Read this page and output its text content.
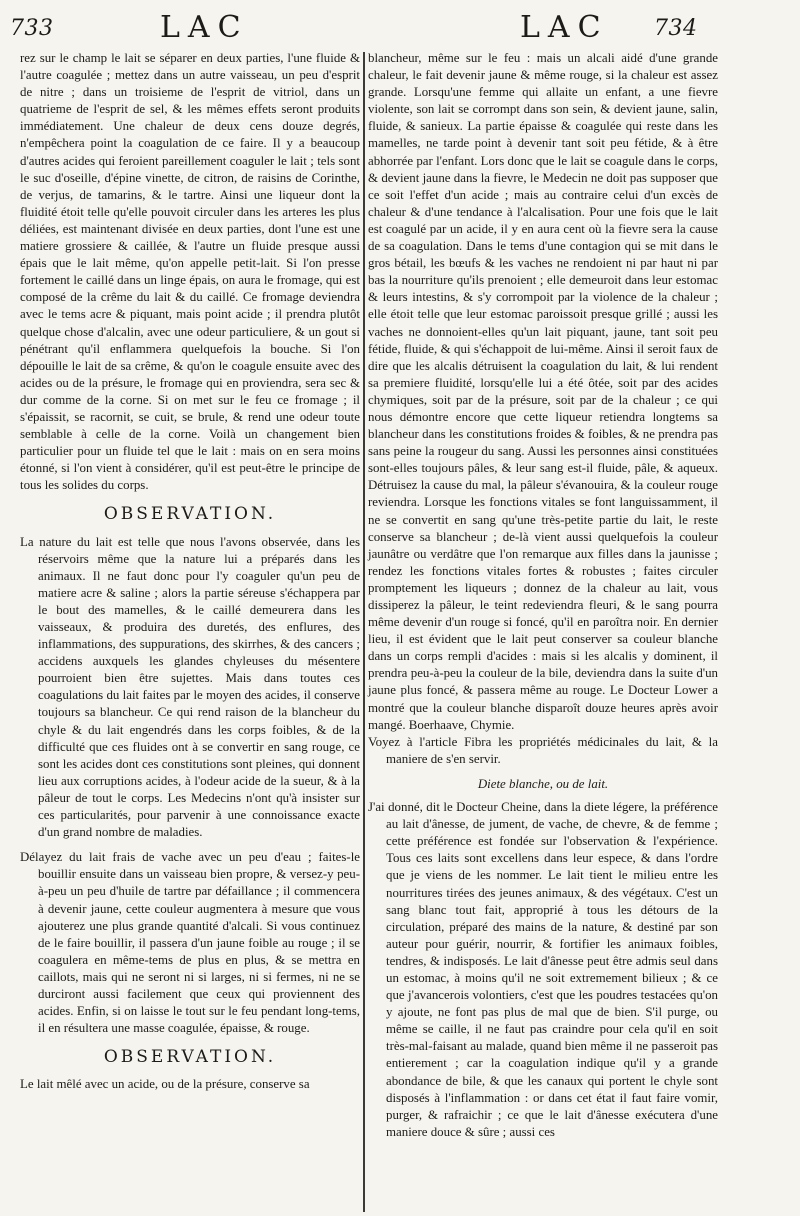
733	LAC	LAC 734

rez sur le champ le lait se séparer en deux parties, l'une fluide & l'autre coagulée ; mettez dans un autre vaisseau, un peu d'esprit de nitre ; dans un troisieme de l'esprit de vitriol, dans un quatrieme de l'esprit de sel, & les mêmes effets seront produits immédiatement. Une chaleur de deux cens douze degrés, n'empêchera point la coagulation de ce faire. Il y a beaucoup d'autres acides qui feroient pareillement coaguler le lait ; tels sont le suc d'oseille, d'épine vinette, de citron, de raisins de Corinthe, de verjus, de tamarins, & le tartre. Ainsi une liqueur dont la fluidité étoit telle qu'elle pouvoit circuler dans les arteres les plus déliées, est maintenant divisée en deux parties, dont l'une est une matiere grossiere & caillée, & l'autre un fluide presque aussi épais que le lait même, qu'on appelle petit-lait. Si l'on presse fortement le caillé dans un linge épais, on aura le fromage, qui est composé de la crême du lait & du caillé. Ce fromage deviendra avec le tems acre & piquant, mais point acide ; il prendra plutôt quelque chose d'alcalin, avec une odeur particuliere, & un gout si pénétrant qu'il enflammera quelquefois la bouche. Si l'on dépouille le lait de sa crême, & qu'on le coagule ensuite avec des acides ou de la présure, le fromage qui en proviendra, sera sec & dur comme de la corne. Si on met sur le feu ce fromage ; il s'épaissit, se racornit, se cuit, se brule, & rend une odeur toute semblable à celle de la corne. Voilà un changement bien particulier pour un fluide tel que le lait : mais on en sera moins étonné, si l'on vient à considérer, qu'il est peut-être le principe de tous les solides du corps.

OBSERVATION.

La nature du lait est telle que nous l'avons observée, dans les réservoirs même que la nature lui a préparés dans les animaux. Il ne faut donc pour l'y coaguler qu'un peu de matiere acre & saline ; alors la partie séreuse s'échappera par le bout des mamelles, & le caillé demeurera dans les vaisseaux, & produira des duretés, des enflures, des inflammations, des suppurations, des skirrhes, & des cancers ; accidens auxquels les glandes chyleuses du mésentere pourroient bien être sujettes. Mais dans toutes ces coagulations du lait faites par le moyen des acides, il conserve toujours sa blancheur. Ce qui rend raison de la blancheur du chyle & du lait engendrés dans les corps foibles, & de la difficulté que ces fluides ont à se convertir en sang rouge, ce sont les acides dont ces constitutions sont pleines, qui donnent lieu aux corruptions acides, à l'odeur acide de la sueur, & à la pâleur de tout le corps. Les Medecins n'ont qu'à insister sur ces particularités, pour parvenir à une connoissance exacte d'un grand nombre de maladies.

Délayez du lait frais de vache avec un peu d'eau ; faites-le bouillir ensuite dans un vaisseau bien propre, & versez-y peu-à-peu un peu d'huile de tartre par défaillance ; il commencera à devenir jaune, cette couleur augmentera à mesure que vous ajouterez une plus grande quantité d'alcali. Si vous continuez de le faire bouillir, il passera d'un jaune foible au rouge ; il se coagulera en même-tems de plus en plus, & se mettra en caillots, mais qui ne seront ni si larges, ni si fermes, ni ne se durciront aussi facilement que ceux qui proviennent des acides. Enfin, si on laisse le tout sur le feu pendant long-tems, il en résultera une masse coagulée, épaisse, & rouge.

OBSERVATION.

Le lait mêlé avec un acide, ou de la présure, conserve sa

blancheur, même sur le feu : mais un alcali aidé d'une grande chaleur, le fait devenir jaune & même rouge, si la chaleur est assez grande. Lorsqu'une femme qui allaite un enfant, a une fievre violente, son lait se corrompt dans son sein, & devient jaune, salin, fluide, & sanieux. La partie épaisse & coagulée qui reste dans les mamelles, ne tarde point à devenir tant soit peu fétide, & à être abhorrée par l'enfant. Lors donc que le lait se coagule dans le corps, & devient jaune dans la fievre, le Medecin ne doit pas supposer que ce soit l'effet d'un acide ; mais au contraire celui d'un excès de chaleur & d'une tendance à l'alcalisation. Pour une fois que le lait est coagulé par un acide, il y en aura cent où la fievre sera la cause de sa coagulation. Dans le tems d'une contagion qui se mit dans le gros bétail, les bœufs & les vaches ne rendoient ni par haut ni par bas la nourriture qu'ils prenoient ; elle demeuroit dans leur estomac & leurs intestins, & s'y corrompoit par la violence de la chaleur ; elle étoit telle que leur estomac paroissoit presque grillé ; aussi les vaches ne donnoient-elles qu'un lait piquant, jaune, tant soit peu fétide, fluide, & qui s'échappoit de lui-même. Ainsi il seroit faux de dire que les alcalis détruisent la coagulation du lait, & lui rendent sa premiere fluidité, lorsqu'elle lui a été ôtée, soit par des acides chymiques, soit par de la présure, soit par de la chaleur ; ce qui nous démontre encore que cette liqueur retiendra longtems sa blancheur dans les constitutions froides & foibles, & ne prendra pas sans peine la rougeur du sang. Aussi les personnes ainsi constituées sont-elles toujours pâles, & leur sang est-il fluide, pâle, & aqueux. Détruisez la cause du mal, la pâleur s'évanouira, & la couleur rouge reviendra. Lorsque les fonctions vitales se font languissamment, il ne se convertit en sang qu'une très-petite partie du lait, le reste conserve sa blancheur ; de-là vient aussi quelquefois la couleur jaunâtre ou verdâtre que l'on remarque aux filles dans la jaunisse ; rendez les fonctions vitales fortes & robustes ; faites circuler promptement les liqueurs ; donnez de la chaleur au lait, vous dissiperez la pâleur, le teint redeviendra fleuri, & le sang pourra même devenir d'un rouge si foncé, qu'il en paroîtra noir. En dernier lieu, il est évident que le lait peut conserver sa couleur blanche dans un corps rempli d'acides : mais si les alcalis y dominent, il prendra peu-à-peu la couleur de la bile, deviendra dans la suite d'un jaune plus foncé, & passera même au rouge. Le Docteur Lower a montré que la couleur blanche disparoît douze heures après avoir mangé. Boerhaave, Chymie.

Voyez à l'article Fibra les propriétés médicinales du lait, & la maniere de s'en servir.

Diete blanche, ou de lait.

J'ai donné, dit le Docteur Cheine, dans la diete légere, la préférence au lait d'ânesse, de jument, de vache, de chevre, & de femme ; cette préférence est fondée sur l'observation & l'expérience. Tous ces laits sont excellens dans leur espece, & dans l'ordre que je viens de les nommer. Le lait tient le milieu entre les nourritures tirées des jeunes animaux, & des végétaux. C'est un sang blanc tout fait, approprié à tous les détours de la circulation, préparé des mains de la nature, & destiné par son auteur pour guérir, nourrir, & fortifier les animaux foibles, tendres, & indisposés. Le lait d'ânesse peut être admis seul dans un estomac, à moins qu'il ne soit extremement bilieux ; & ce que j'avancerois volontiers, c'est que les poudres testacées qu'on y ajoute, ne font pas plus de mal que de bien. S'il purge, ou même se caille, il ne faut pas craindre pour cela qu'il en soit très-mal-faisant au malade, quand bien même il ne passeroit pas entierement ; car la coagulation indique qu'il y a grande abondance de bile, & que les canaux qui portent le chyle sont disposés à l'inflammation : or dans cet état il faut faire vomir, purger, & rafraichir ; ce que le lait d'ânesse exécutera d'une maniere douce & sûre ; aussi ces
